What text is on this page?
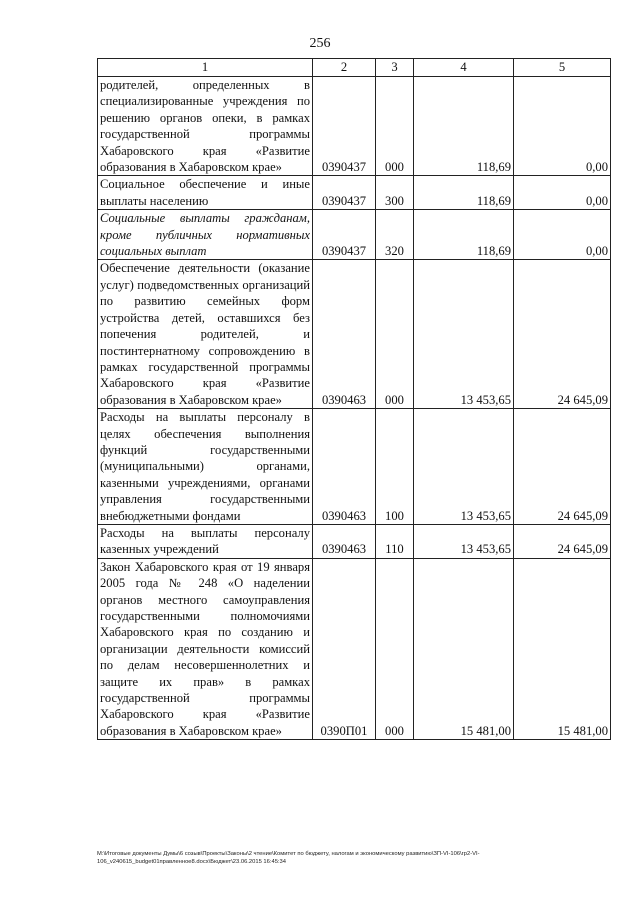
256
1	2	3	4	5
родителей, определенных в специализированные учреждения по решению органов опеки, в рамках государственной программы Хабаровского края «Развитие образования в Хабаровском крае»	0390437	000	118,69	0,00
Социальное обеспечение и иные выплаты населению	0390437	300	118,69	0,00
Социальные выплаты гражданам, кроме публичных нормативных социальных выплат	0390437	320	118,69	0,00
Обеспечение деятельности (оказание услуг) подведомственных организаций по развитию семейных форм устройства детей, оставшихся без попечения родителей, и постинтернатному сопровождению в рамках государственной программы Хабаровского края «Развитие образования в Хабаровском крае»	0390463	000	13 453,65	24 645,09
Расходы на выплаты персоналу в целях обеспечения выполнения функций государственными (муниципальными) органами, казенными учреждениями, органами управления государственными внебюджетными фондами	0390463	100	13 453,65	24 645,09
Расходы на выплаты персоналу казенных учреждений	0390463	110	13 453,65	24 645,09
Закон Хабаровского края от 19 января 2005 года № 248 «О наделении органов местного самоуправления государственными полномочиями Хабаровского края по созданию и организации деятельности комиссий по делам несовершеннолетних и защите их прав» в рамках государственной программы Хабаровского края «Развитие образования в Хабаровском крае»	0390П01	000	15 481,00	15 481,00
M:\Итоговые документы Думы\6 созыв\Проекты\Законы\2 чтение\Комитет по бюджету, налогам и экономическому развитию\ЗП-VI-106\гр2-VI-
106_v240615_budget01правленное8.docx\Бюджет\23.06.2015 16:45:34
